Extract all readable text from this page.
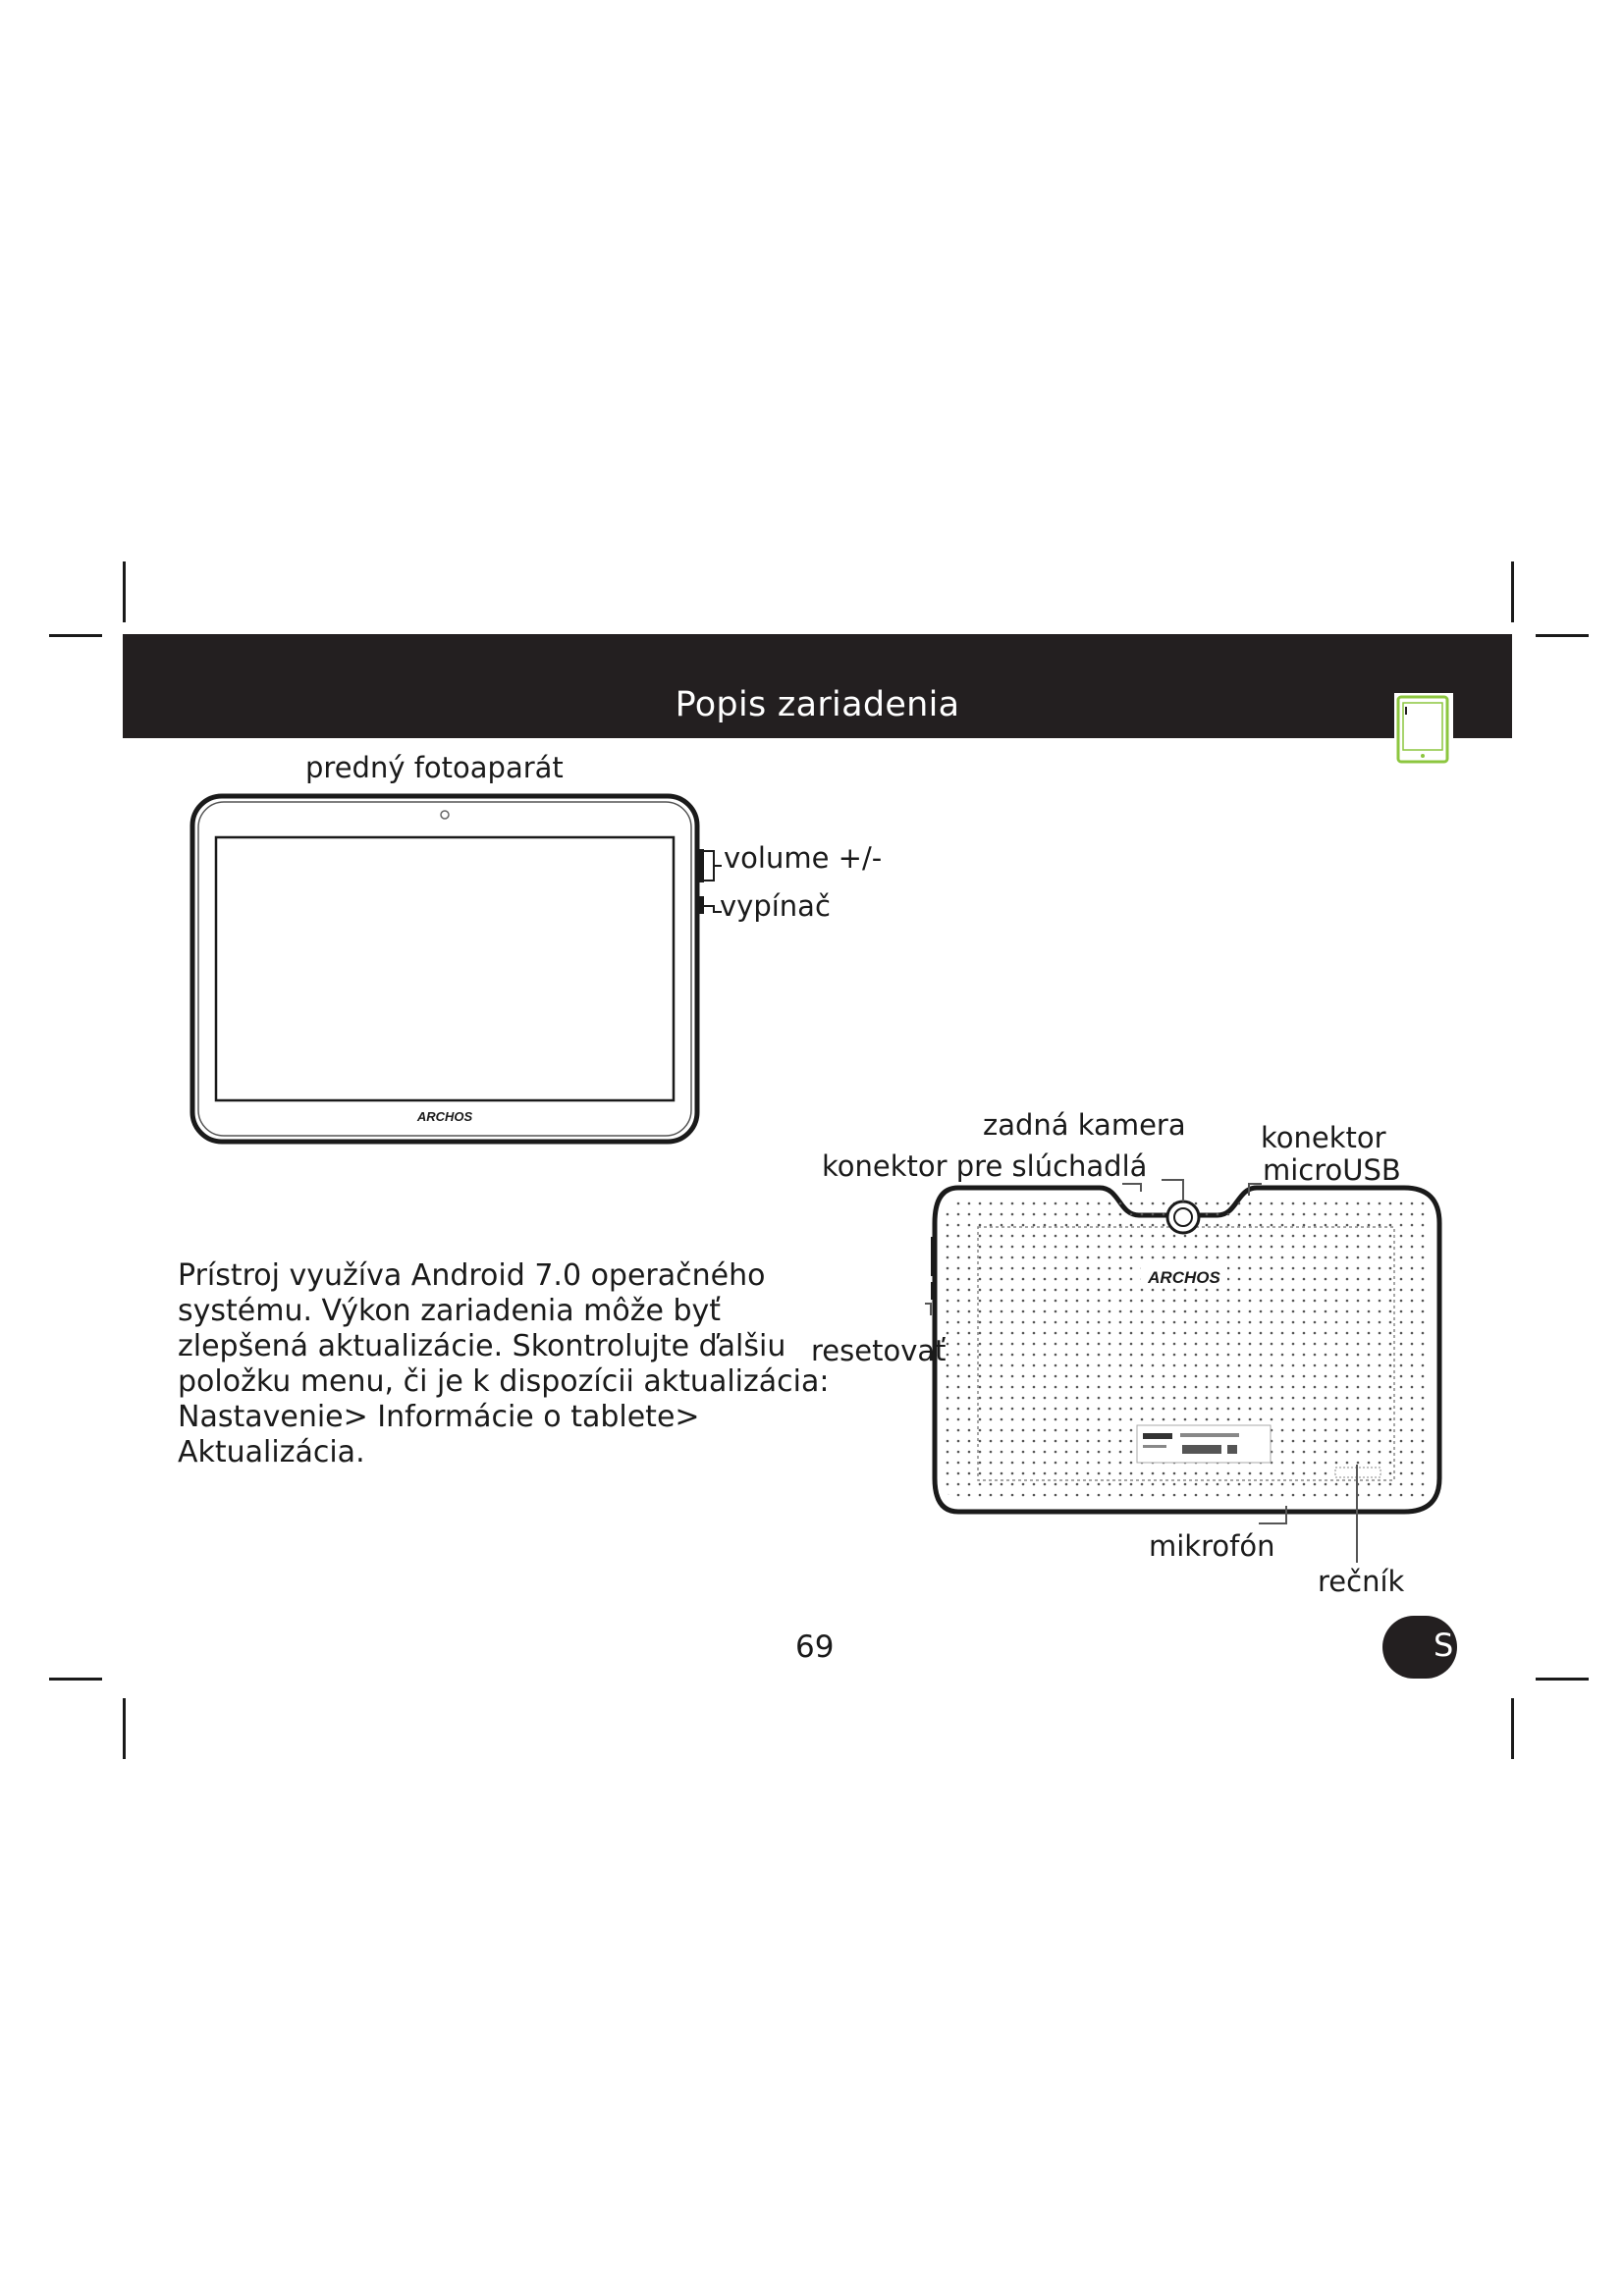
Popis zariadenia
ARCHOS
predný fotoaparát
volume +/-
vypínač
ARCHOS
zadná kamera
konektor pre slúchadlá
konektor
microUSB
resetovať
mikrofón
rečník

Prístroj využíva Android 7.0 operačného
systému. Výkon zariadenia môže byť
zlepšená aktualizácie. Skontrolujte ďalšiu
položku menu, či je k dispozícii aktualizácia:
Nastavenie> Informácie o tablete>
Aktualizácia.

69	S
